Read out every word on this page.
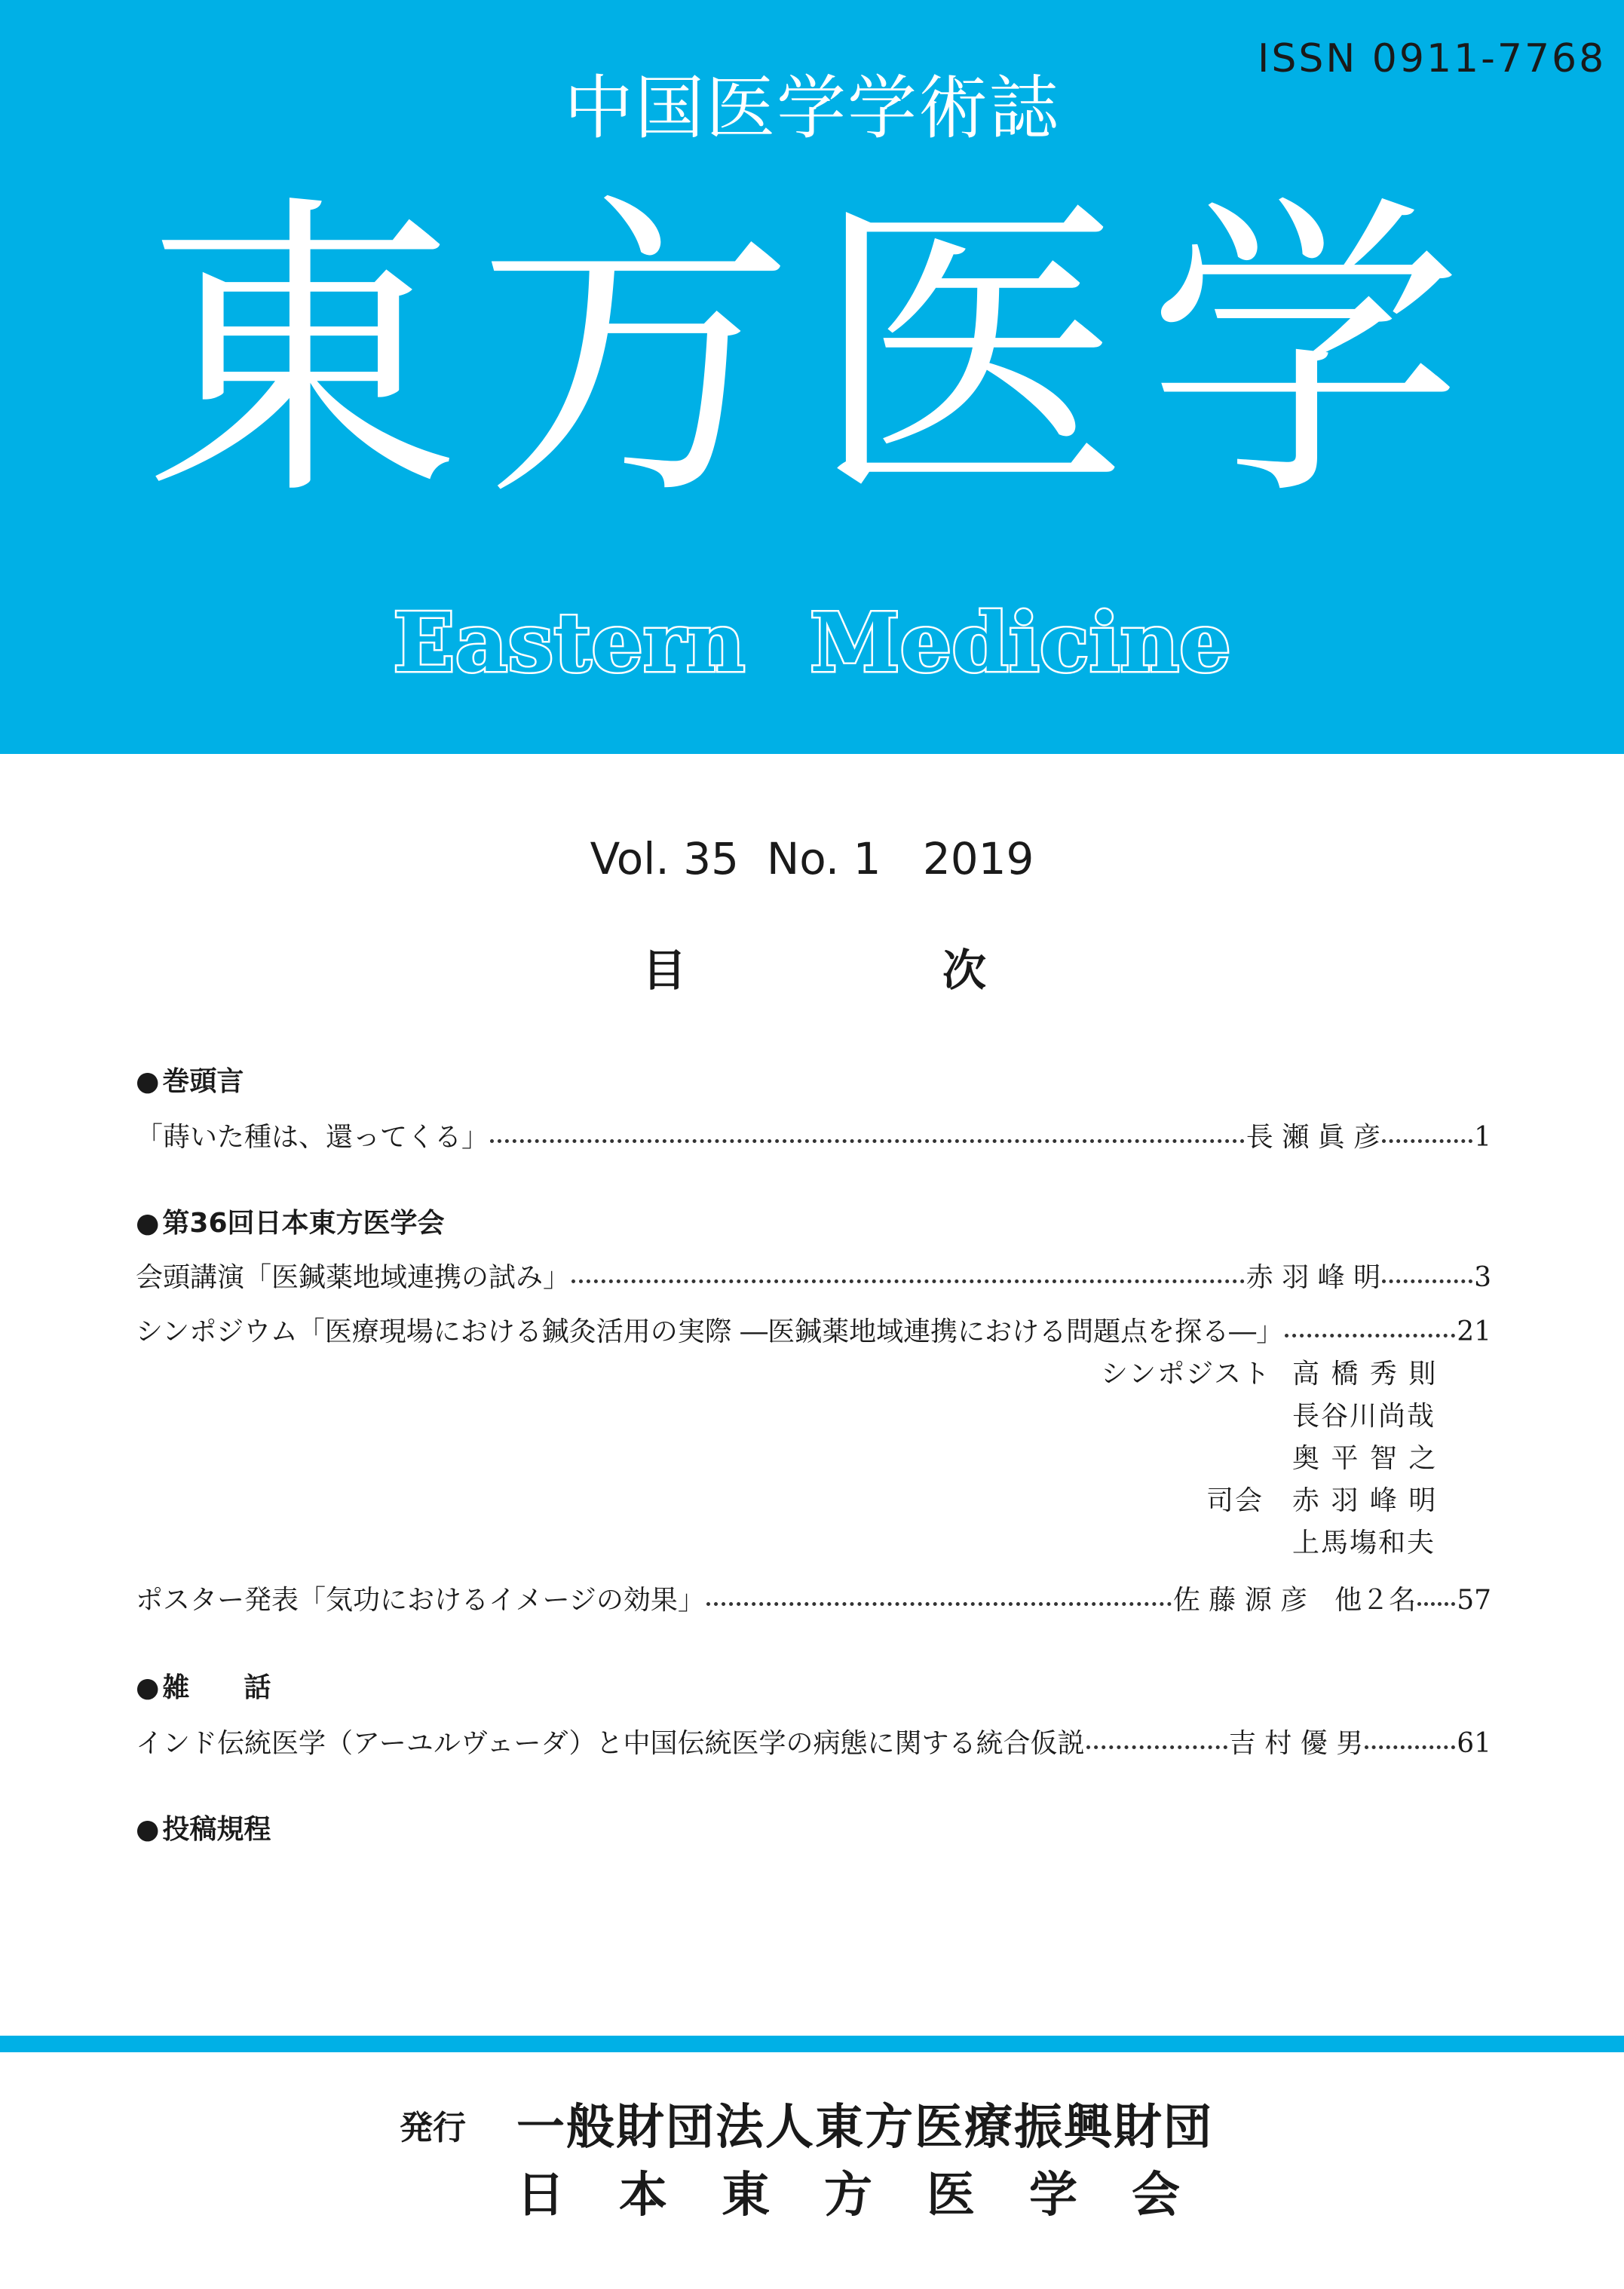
ISSN 0911-7768
中国医学学術誌
東方医学
Eastern Medicine
Vol. 35  No. 1   2019
目	次
● 巻頭言
「蒔いた種は、還ってくる」	長 瀬 眞 彦	1
● 第36回日本東方医学会
会頭講演「医鍼薬地域連携の試み」	赤 羽 峰 明	3
シンポジウム「医療現場における鍼灸活用の実際 ―医鍼薬地域連携における問題点を探る―」	21
シンポジスト 高 橋 秀 則
長谷川尚哉
奥 平 智 之
司会 赤 羽 峰 明
上馬塲和夫
ポスター発表「気功におけるイメージの効果」	佐 藤 源 彦　他２名 57
● 雑　　話
インド伝統医学（アーユルヴェーダ）と中国伝統医学の病態に関する統合仮説	吉 村 優 男	61
● 投稿規程
発行 一般財団法人東方医療振興財団
日本東方医学会
